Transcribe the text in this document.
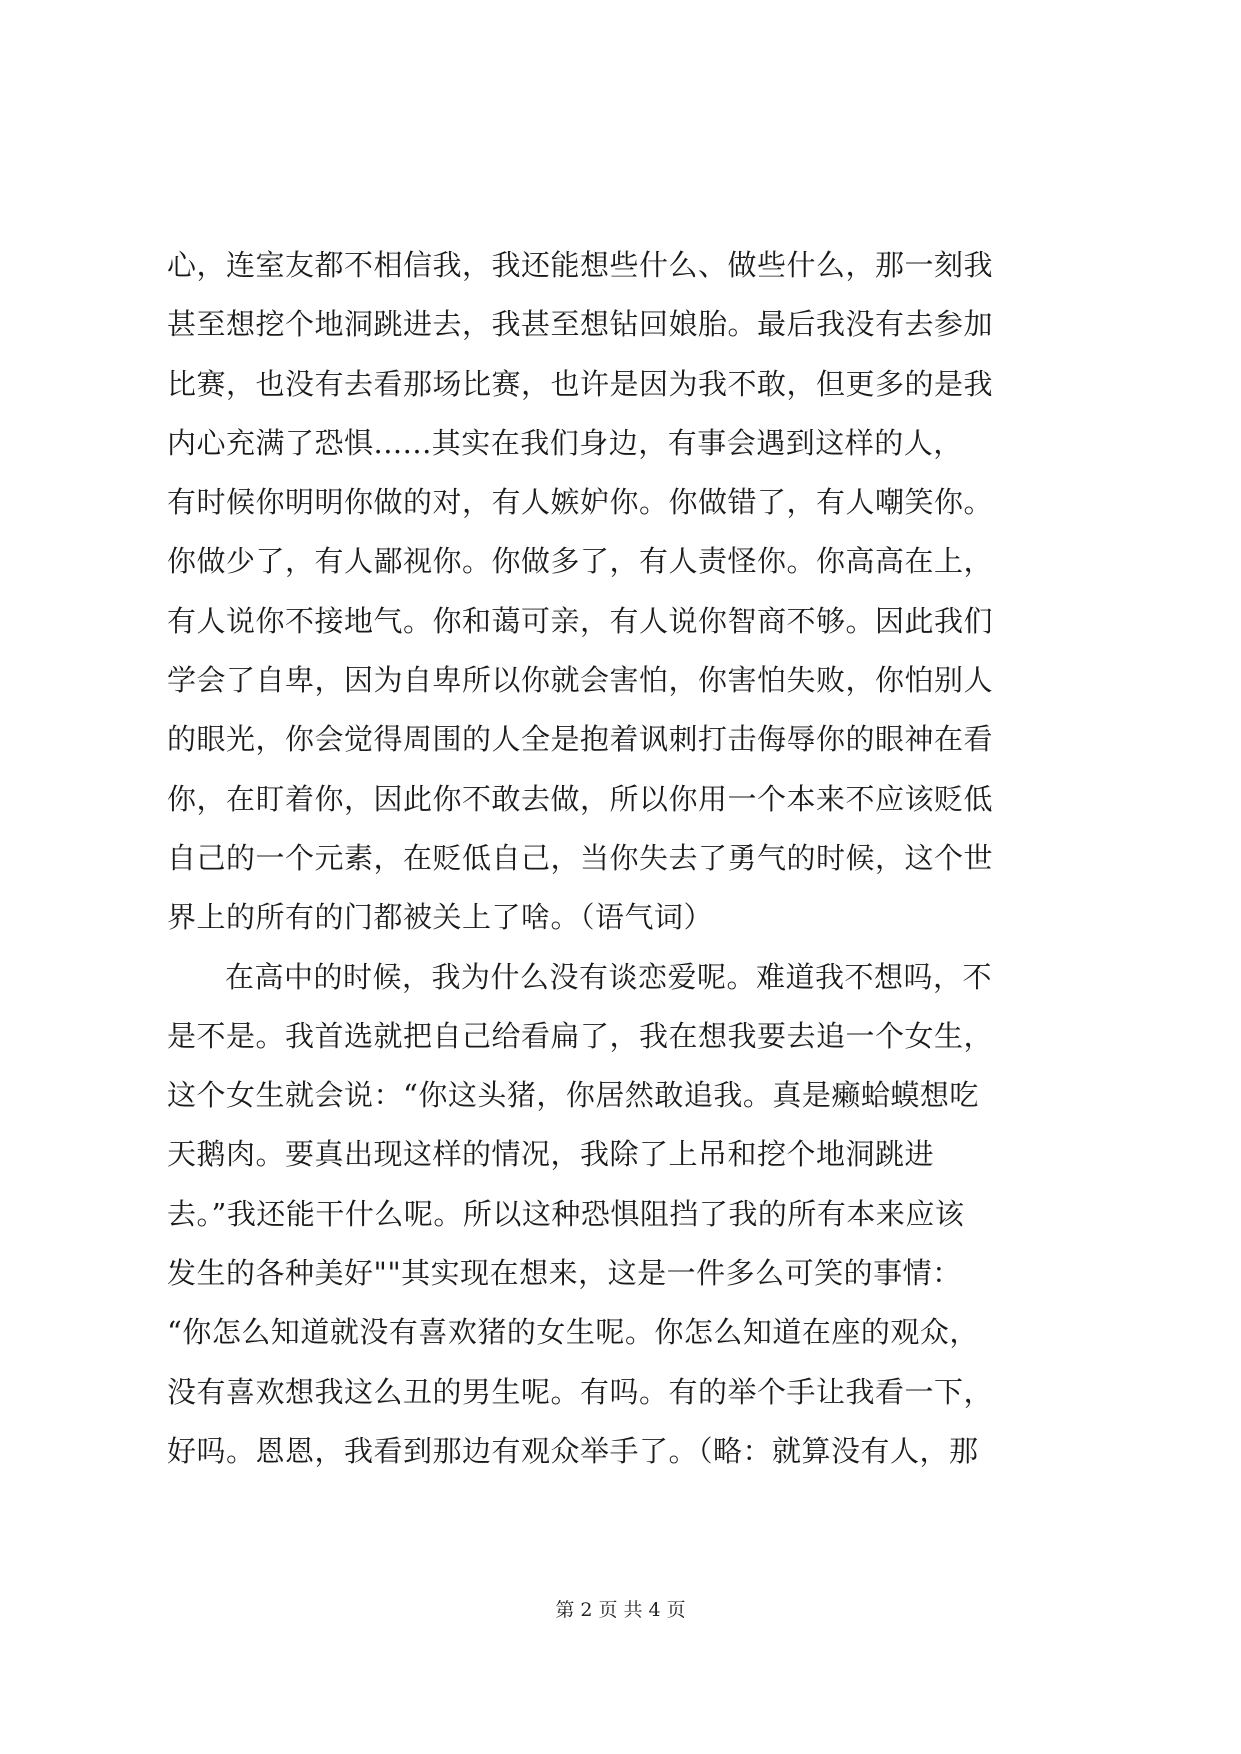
心，连室友都不相信我，我还能想些什么、做些什么，那一刻我
甚至想挖个地洞跳进去，我甚至想钻回娘胎。最后我没有去参加
比赛，也没有去看那场比赛，也许是因为我不敢，但更多的是我
内心充满了恐惧......其实在我们身边，有事会遇到这样的人，
有时候你明明你做的对，有人嫉妒你。你做错了，有人嘲笑你。
你做少了，有人鄙视你。你做多了，有人责怪你。你高高在上，
有人说你不接地气。你和蔼可亲，有人说你智商不够。因此我们
学会了自卑，因为自卑所以你就会害怕，你害怕失败，你怕别人
的眼光，你会觉得周围的人全是抱着讽刺打击侮辱你的眼神在看
你，在盯着你，因此你不敢去做，所以你用一个本来不应该贬低
自己的一个元素，在贬低自己，当你失去了勇气的时候，这个世
界上的所有的门都被关上了啥。（语气词）
在高中的时候，我为什么没有谈恋爱呢。难道我不想吗，不
是不是。我首选就把自己给看扁了，我在想我要去追一个女生，
这个女生就会说：“你这头猪，你居然敢追我。真是癞蛤蟆想吃
天鹅肉。要真出现这样的情况，我除了上吊和挖个地洞跳进
去。”我还能干什么呢。所以这种恐惧阻挡了我的所有本来应该
发生的各种美好""其实现在想来，这是一件多么可笑的事情：
“你怎么知道就没有喜欢猪的女生呢。你怎么知道在座的观众，
没有喜欢想我这么丑的男生呢。有吗。有的举个手让我看一下，
好吗。恩恩，我看到那边有观众举手了。（略：就算没有人，那
第 2 页 共 4 页
